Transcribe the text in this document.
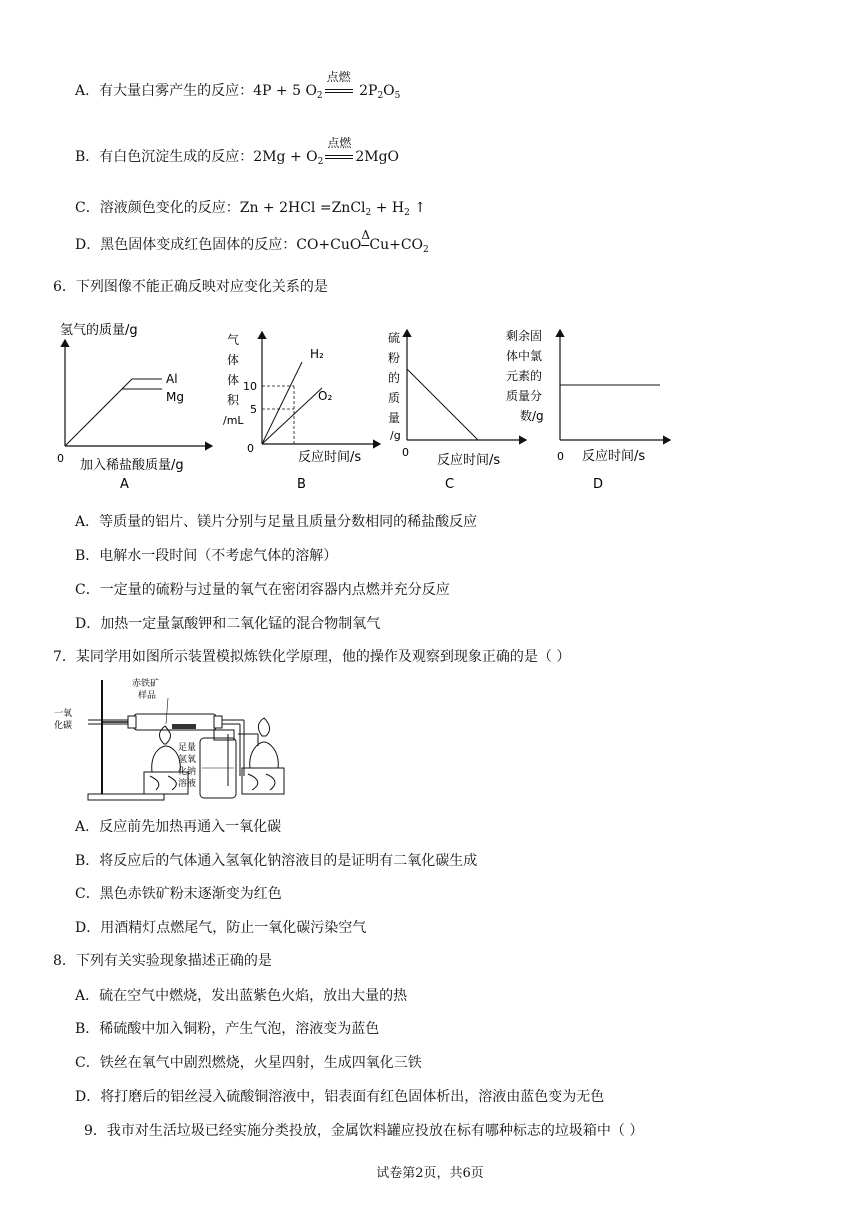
A．有大量白雾产生的反应：4P + 5 $O_2$
点燃
$2P_2O_5$
B．有白色沉淀生成的反应：$2Mg + O_2$
点燃
2MgO
C．溶液颜色变化的反应：Zn + 2HCl =ZnCl$_2$ + $H_2$ ↑
D．黑色固体变成红色固体的反应：CO+CuO
Δ
$Cu+CO_2$
6．下列图像不能正确反映对应变化关系的是
氢气的质量/g
Al
Mg
0 加入稀盐酸质量/g
A
气
体
体
积
/mL
10
5
H₂
O₂
0
反应时间/s
B
硫
粉
的
质
量
/g
0
反应时间/s
C
剩余固
体中氯
元素的
质量分
数/g
0 反应时间/s
D
A．等质量的铝片、镁片分别与足量且质量分数相同的稀盐酸反应
B．电解水一段时间（不考虑气体的溶解）
C．一定量的硫粉与过量的氧气在密闭容器内点燃并充分反应
D．加热一定量氯酸钾和二氧化锰的混合物制氧气
7．某同学用如图所示装置模拟炼铁化学原理，他的操作及观察到现象正确的是（ ）
赤铁矿
样品
一氧
化碳
足量
氢氧
化钠
溶液
A．反应前先加热再通入一氧化碳
B．将反应后的气体通入氢氧化钠溶液目的是证明有二氧化碳生成
C．黑色赤铁矿粉末逐渐变为红色
D．用酒精灯点燃尾气，防止一氧化碳污染空气
8．下列有关实验现象描述正确的是
A．硫在空气中燃烧，发出蓝紫色火焰，放出大量的热
B．稀硫酸中加入铜粉，产生气泡，溶液变为蓝色
C．铁丝在氧气中剧烈燃烧，火星四射，生成四氧化三铁
D．将打磨后的铝丝浸入硫酸铜溶液中，铝表面有红色固体析出，溶液由蓝色变为无色
9．我市对生活垃圾已经实施分类投放，金属饮料罐应投放在标有哪种标志的垃圾箱中（ ）
试卷第2页，共6页
